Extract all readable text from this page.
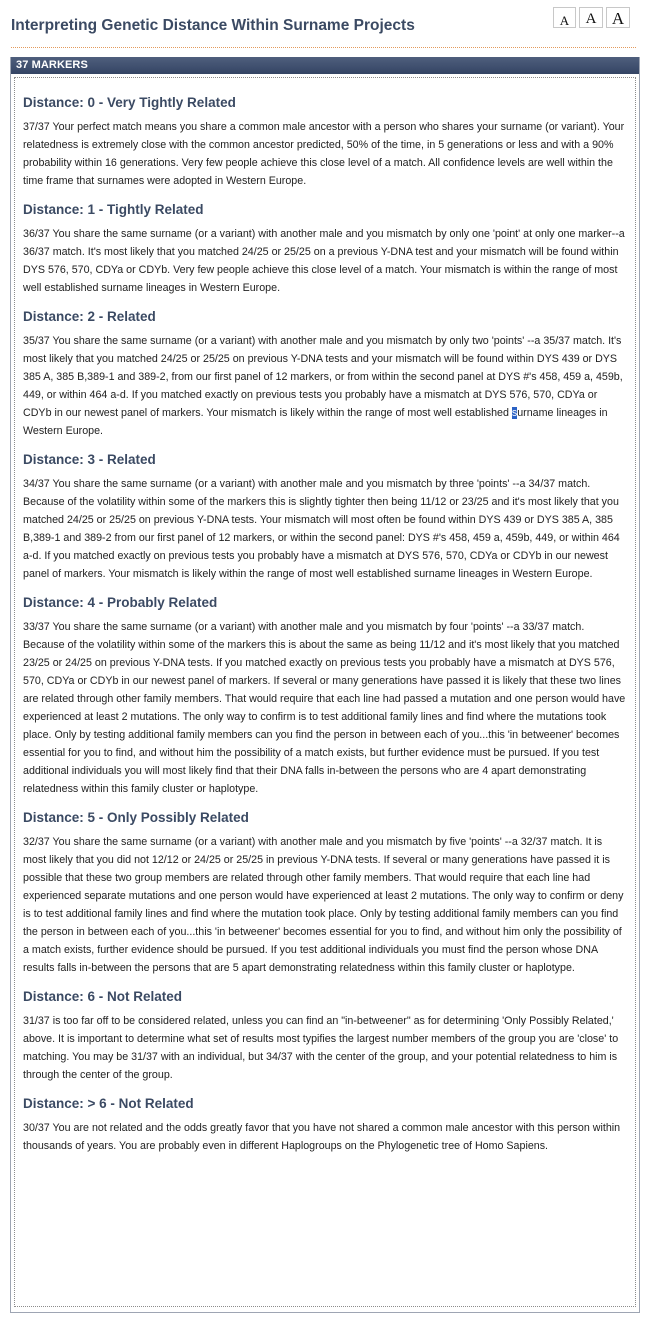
Interpreting Genetic Distance Within Surname Projects	A	A A
37 MARKERS
Distance: 0 - Very Tightly Related

37/37 Your perfect match means you share a common male ancestor with a person who shares your surname (or variant). Your relatedness is extremely close with the common ancestor predicted, 50% of the time, in 5 generations or less and with a 90% probability within 16 generations. Very few people achieve this close level of a match. All confidence levels are well within the time frame that surnames were adopted in Western Europe.

Distance: 1 - Tightly Related

36/37 You share the same surname (or a variant) with another male and you mismatch by only one 'point' at only one marker--a 36/37 match. It's most likely that you matched 24/25 or 25/25 on a previous Y-DNA test and your mismatch will be found within DYS 576, 570, CDYa or CDYb. Very few people achieve this close level of a match. Your mismatch is within the range of most well established surname lineages in Western Europe.

Distance: 2 - Related

35/37 You share the same surname (or a variant) with another male and you mismatch by only two 'points' --a 35/37 match. It's most likely that you matched 24/25 or 25/25 on previous Y-DNA tests and your mismatch will be found within DYS 439 or DYS 385 A, 385 B,389-1 and 389-2, from our first panel of 12 markers, or from within the second panel at DYS #'s 458, 459 a, 459b, 449, or within 464 a-d. If you matched exactly on previous tests you probably have a mismatch at DYS 576, 570, CDYa or CDYb in our newest panel of markers. Your mismatch is likely within the range of most well established surname lineages in Western Europe.

Distance: 3 - Related

34/37 You share the same surname (or a variant) with another male and you mismatch by three 'points' --a 34/37 match. Because of the volatility within some of the markers this is slightly tighter then being 11/12 or 23/25 and it's most likely that you matched 24/25 or 25/25 on previous Y-DNA tests. Your mismatch will most often be found within DYS 439 or DYS 385 A, 385 B,389-1 and 389-2 from our first panel of 12 markers, or within the second panel: DYS #'s 458, 459 a, 459b, 449, or within 464 a-d. If you matched exactly on previous tests you probably have a mismatch at DYS 576, 570, CDYa or CDYb in our newest panel of markers. Your mismatch is likely within the range of most well established surname lineages in Western Europe.

Distance: 4 - Probably Related

33/37 You share the same surname (or a variant) with another male and you mismatch by four 'points' --a 33/37 match. Because of the volatility within some of the markers this is about the same as being 11/12 and it's most likely that you matched 23/25 or 24/25 on previous Y-DNA tests. If you matched exactly on previous tests you probably have a mismatch at DYS 576, 570, CDYa or CDYb in our newest panel of markers. If several or many generations have passed it is likely that these two lines are related through other family members. That would require that each line had passed a mutation and one person would have experienced at least 2 mutations. The only way to confirm is to test additional family lines and find where the mutations took place. Only by testing additional family members can you find the person in between each of you...this 'in betweener' becomes essential for you to find, and without him the possibility of a match exists, but further evidence must be pursued. If you test additional individuals you will most likely find that their DNA falls in-between the persons who are 4 apart demonstrating relatedness within this family cluster or haplotype.

Distance: 5 - Only Possibly Related

32/37 You share the same surname (or a variant) with another male and you mismatch by five 'points' --a 32/37 match. It is most likely that you did not 12/12 or 24/25 or 25/25 in previous Y-DNA tests. If several or many generations have passed it is possible that these two group members are related through other family members. That would require that each line had experienced separate mutations and one person would have experienced at least 2 mutations. The only way to confirm or deny is to test additional family lines and find where the mutation took place. Only by testing additional family members can you find the person in between each of you...this 'in betweener' becomes essential for you to find, and without him only the possibility of a match exists, further evidence should be pursued. If you test additional individuals you must find the person whose DNA results falls in-between the persons that are 5 apart demonstrating relatedness within this family cluster or haplotype.

Distance: 6 - Not Related

31/37 is too far off to be considered related, unless you can find an "in-betweener" as for determining 'Only Possibly Related,' above. It is important to determine what set of results most typifies the largest number members of the group you are 'close' to matching. You may be 31/37 with an individual, but 34/37 with the center of the group, and your potential relatedness to him is through the center of the group.

Distance: > 6 - Not Related

30/37 You are not related and the odds greatly favor that you have not shared a common male ancestor with this person within thousands of years. You are probably even in different Haplogroups on the Phylogenetic tree of Homo Sapiens.
